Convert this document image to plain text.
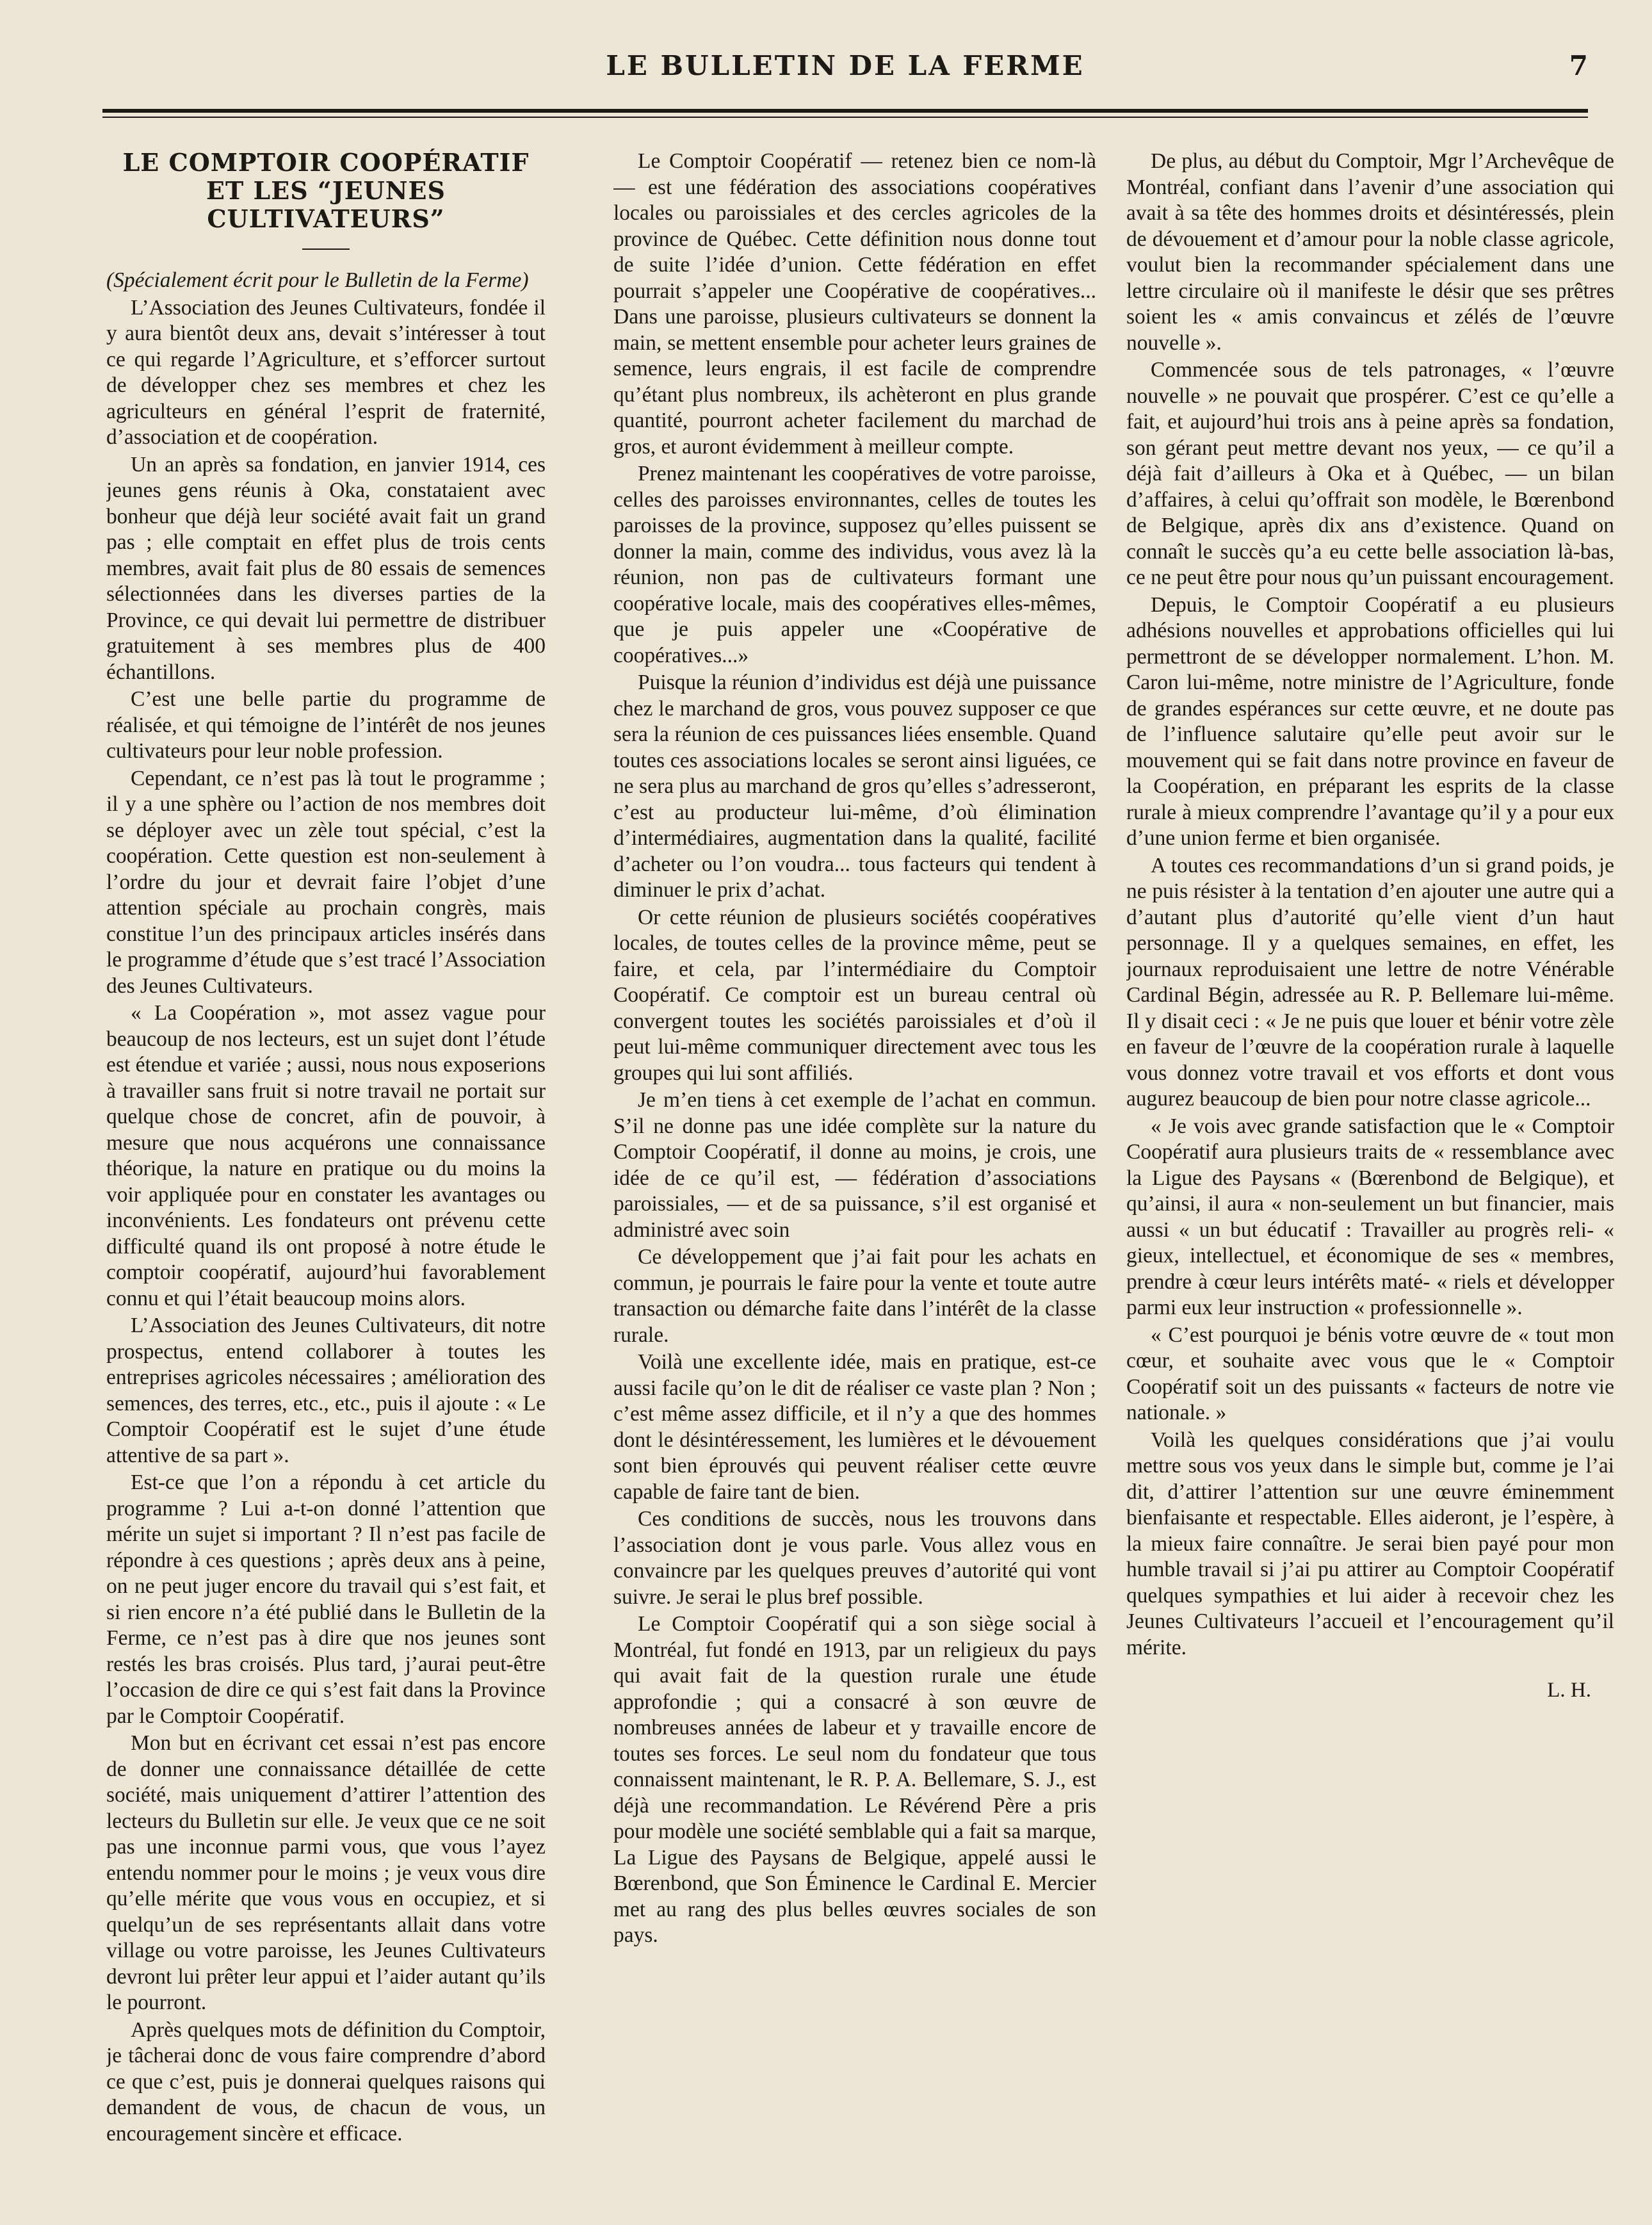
LE BULLETIN DE LA FERME	7
LE COMPTOIR COOPÉRATIF ET LES “JEUNES CULTIVATEURS”

(Spécialement écrit pour le Bulletin de la Ferme)

L’Association des Jeunes Cultivateurs, fondée il y aura bientôt deux ans, devait s’intéresser à tout ce qui regarde l’Agriculture, et s’efforcer surtout de développer chez ses membres et chez les agriculteurs en général l’esprit de fraternité, d’association et de coopération.

Un an après sa fondation, en janvier 1914, ces jeunes gens réunis à Oka, constataient avec bonheur que déjà leur société avait fait un grand pas ; elle comptait en effet plus de trois cents membres, avait fait plus de 80 essais de semences sélectionnées dans les diverses parties de la Province, ce qui devait lui permettre de distribuer gratuitement à ses membres plus de 400 échantillons.

C’est une belle partie du programme de réalisée, et qui témoigne de l’intérêt de nos jeunes cultivateurs pour leur noble profession.

Cependant, ce n’est pas là tout le programme ; il y a une sphère ou l’action de nos membres doit se déployer avec un zèle tout spécial, c’est la coopération. Cette question est non-seulement à l’ordre du jour et devrait faire l’objet d’une attention spéciale au prochain congrès, mais constitue l’un des principaux articles insérés dans le programme d’étude que s’est tracé l’Association des Jeunes Cultivateurs.

« La Coopération », mot assez vague pour beaucoup de nos lecteurs, est un sujet dont l’étude est étendue et variée ; aussi, nous nous exposerions à travailler sans fruit si notre travail ne portait sur quelque chose de concret, afin de pouvoir, à mesure que nous acquérons une connaissance théorique, la nature en pratique ou du moins la voir appliquée pour en constater les avantages ou inconvénients. Les fondateurs ont prévenu cette difficulté quand ils ont proposé à notre étude le comptoir coopératif, aujourd’hui favorablement connu et qui l’était beaucoup moins alors.

L’Association des Jeunes Cultivateurs, dit notre prospectus, entend collaborer à toutes les entreprises agricoles nécessaires ; amélioration des semences, des terres, etc., etc., puis il ajoute : « Le Comptoir Coopératif est le sujet d’une étude attentive de sa part ».

Est-ce que l’on a répondu à cet article du programme ? Lui a-t-on donné l’attention que mérite un sujet si important ? Il n’est pas facile de répondre à ces questions ; après deux ans à peine, on ne peut juger encore du travail qui s’est fait, et si rien encore n’a été publié dans le Bulletin de la Ferme, ce n’est pas à dire que nos jeunes sont restés les bras croisés. Plus tard, j’aurai peut-être l’occasion de dire ce qui s’est fait dans la Province par le Comptoir Coopératif.

Mon but en écrivant cet essai n’est pas encore de donner une connaissance détaillée de cette société, mais uniquement d’attirer l’attention des lecteurs du Bulletin sur elle. Je veux que ce ne soit pas une inconnue parmi vous, que vous l’ayez entendu nommer pour le moins ; je veux vous dire qu’elle mérite que vous vous en occupiez, et si quelqu’un de ses représentants allait dans votre village ou votre paroisse, les Jeunes Cultivateurs devront lui prêter leur appui et l’aider autant qu’ils le pourront.

Après quelques mots de définition du Comptoir, je tâcherai donc de vous faire comprendre d’abord ce que c’est, puis je donnerai quelques raisons qui demandent de vous, de chacun de vous, un encouragement sincère et efficace.

Le Comptoir Coopératif — retenez bien ce nom-là — est une fédération des associations coopératives locales ou paroissiales et des cercles agricoles de la province de Québec. Cette définition nous donne tout de suite l’idée d’union. Cette fédération en effet pourrait s’appeler une Coopérative de coopératives... Dans une paroisse, plusieurs cultivateurs se donnent la main, se mettent ensemble pour acheter leurs graines de semence, leurs engrais, il est facile de comprendre qu’étant plus nombreux, ils achèteront en plus grande quantité, pourront acheter facilement du marchad de gros, et auront évidemment à meilleur compte.

Prenez maintenant les coopératives de votre paroisse, celles des paroisses environnantes, celles de toutes les paroisses de la province, supposez qu’elles puissent se donner la main, comme des individus, vous avez là la réunion, non pas de cultivateurs formant une coopérative locale, mais des coopératives elles-mêmes, que je puis appeler une «Coopérative de coopératives...»

Puisque la réunion d’individus est déjà une puissance chez le marchand de gros, vous pouvez supposer ce que sera la réunion de ces puissances liées ensemble. Quand toutes ces associations locales se seront ainsi liguées, ce ne sera plus au marchand de gros qu’elles s’adresseront, c’est au producteur lui-même, d’où élimination d’intermédiaires, augmentation dans la qualité, facilité d’acheter ou l’on voudra... tous facteurs qui tendent à diminuer le prix d’achat.

Or cette réunion de plusieurs sociétés coopératives locales, de toutes celles de la province même, peut se faire, et cela, par l’intermédiaire du Comptoir Coopératif. Ce comptoir est un bureau central où convergent toutes les sociétés paroissiales et d’où il peut lui-même communiquer directement avec tous les groupes qui lui sont affiliés.

Je m’en tiens à cet exemple de l’achat en commun. S’il ne donne pas une idée complète sur la nature du Comptoir Coopératif, il donne au moins, je crois, une idée de ce qu’il est, — fédération d’associations paroissiales, — et de sa puissance, s’il est organisé et administré avec soin

Ce développement que j’ai fait pour les achats en commun, je pourrais le faire pour la vente et toute autre transaction ou démarche faite dans l’intérêt de la classe rurale.

Voilà une excellente idée, mais en pratique, est-ce aussi facile qu’on le dit de réaliser ce vaste plan ? Non ; c’est même assez difficile, et il n’y a que des hommes dont le désintéressement, les lumières et le dévouement sont bien éprouvés qui peuvent réaliser cette œuvre capable de faire tant de bien.

Ces conditions de succès, nous les trouvons dans l’association dont je vous parle. Vous allez vous en convaincre par les quelques preuves d’autorité qui vont suivre. Je serai le plus bref possible.

Le Comptoir Coopératif qui a son siège social à Montréal, fut fondé en 1913, par un religieux du pays qui avait fait de la question rurale une étude approfondie ; qui a consacré à son œuvre de nombreuses années de labeur et y travaille encore de toutes ses forces. Le seul nom du fondateur que tous connaissent maintenant, le R. P. A. Bellemare, S. J., est déjà une recommandation. Le Révérend Père a pris pour modèle une société semblable qui a fait sa marque, La Ligue des Paysans de Belgique, appelé aussi le Bœrenbond, que Son Éminence le Cardinal E. Mercier met au rang des plus belles œuvres sociales de son pays.

De plus, au début du Comptoir, Mgr l’Archevêque de Montréal, confiant dans l’avenir d’une association qui avait à sa tête des hommes droits et désintéressés, plein de dévouement et d’amour pour la noble classe agricole, voulut bien la recommander spécialement dans une lettre circulaire où il manifeste le désir que ses prêtres soient les « amis convaincus et zélés de l’œuvre nouvelle ».

Commencée sous de tels patronages, « l’œuvre nouvelle » ne pouvait que prospérer. C’est ce qu’elle a fait, et aujourd’hui trois ans à peine après sa fondation, son gérant peut mettre devant nos yeux, — ce qu’il a déjà fait d’ailleurs à Oka et à Québec, — un bilan d’affaires, à celui qu’offrait son modèle, le Bœrenbond de Belgique, après dix ans d’existence. Quand on connaît le succès qu’a eu cette belle association là-bas, ce ne peut être pour nous qu’un puissant encouragement.

Depuis, le Comptoir Coopératif a eu plusieurs adhésions nouvelles et approbations officielles qui lui permettront de se développer normalement. L’hon. M. Caron lui-même, notre ministre de l’Agriculture, fonde de grandes espérances sur cette œuvre, et ne doute pas de l’influence salutaire qu’elle peut avoir sur le mouvement qui se fait dans notre province en faveur de la Coopération, en préparant les esprits de la classe rurale à mieux comprendre l’avantage qu’il y a pour eux d’une union ferme et bien organisée.

A toutes ces recommandations d’un si grand poids, je ne puis résister à la tentation d’en ajouter une autre qui a d’autant plus d’autorité qu’elle vient d’un haut personnage. Il y a quelques semaines, en effet, les journaux reproduisaient une lettre de notre Vénérable Cardinal Bégin, adressée au R. P. Bellemare lui-même. Il y disait ceci : « Je ne puis que louer et bénir votre zèle en faveur de l’œuvre de la coopération rurale à laquelle vous donnez votre travail et vos efforts et dont vous augurez beaucoup de bien pour notre classe agricole...

« Je vois avec grande satisfaction que le « Comptoir Coopératif aura plusieurs traits de « ressemblance avec la Ligue des Paysans « (Bœrenbond de Belgique), et qu’ainsi, il aura « non-seulement un but financier, mais aussi « un but éducatif : Travailler au progrès reli- « gieux, intellectuel, et économique de ses « membres, prendre à cœur leurs intérêts maté- « riels et développer parmi eux leur instruction « professionnelle ».

« C’est pourquoi je bénis votre œuvre de « tout mon cœur, et souhaite avec vous que le « Comptoir Coopératif soit un des puissants « facteurs de notre vie nationale. »

Voilà les quelques considérations que j’ai voulu mettre sous vos yeux dans le simple but, comme je l’ai dit, d’attirer l’attention sur une œuvre éminemment bienfaisante et respectable. Elles aideront, je l’espère, à la mieux faire connaître. Je serai bien payé pour mon humble travail si j’ai pu attirer au Comptoir Coopératif quelques sympathies et lui aider à recevoir chez les Jeunes Cultivateurs l’accueil et l’encouragement qu’il mérite.

L. H.
